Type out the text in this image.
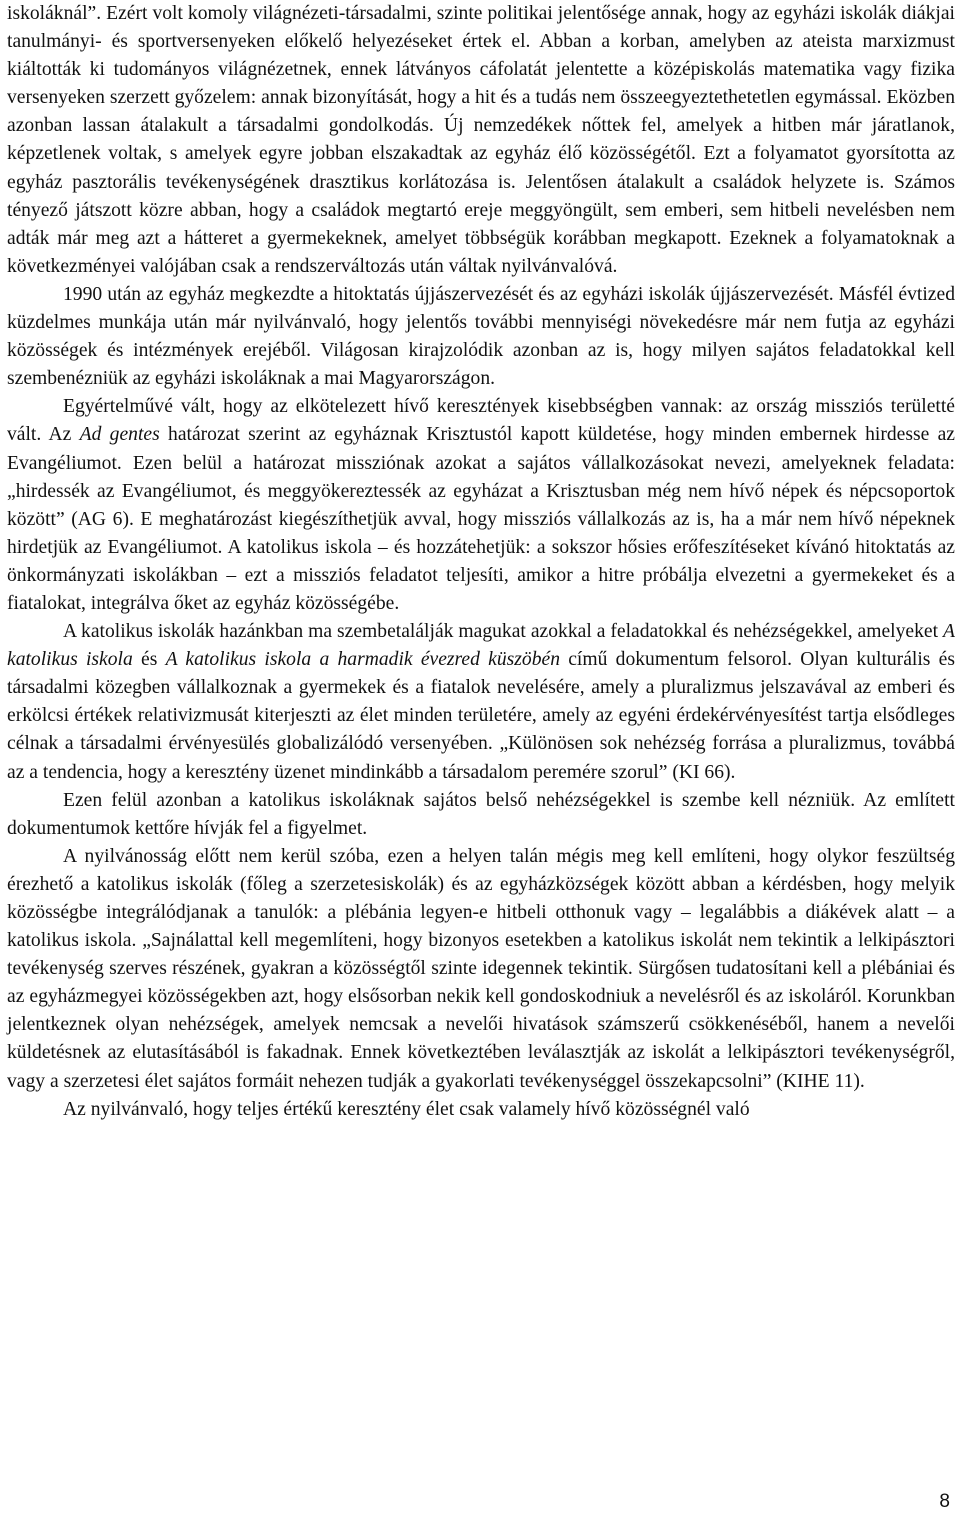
iskoláknál”. Ezért volt komoly világnézeti-társadalmi, szinte politikai jelentősége annak, hogy az egyházi iskolák diákjai tanulmányi- és sportversenyeken előkelő helyezéseket értek el. Abban a korban, amelyben az ateista marxizmust kiáltották ki tudományos világnézetnek, ennek látványos cáfolatát jelentette a középiskolás matematika vagy fizika versenyeken szerzett győzelem: annak bizonyítását, hogy a hit és a tudás nem összeegyeztethetetlen egymással. Eközben azonban lassan átalakult a társadalmi gondolkodás. Új nemzedékek nőttek fel, amelyek a hitben már járatlanok, képzetlenek voltak, s amelyek egyre jobban elszakadtak az egyház élő közösségétől. Ezt a folyamatot gyorsította az egyház pasztorális tevékenységének drasztikus korlátozása is. Jelentősen átalakult a családok helyzete is. Számos tényező játszott közre abban, hogy a családok megtartó ereje meggyöngült, sem emberi, sem hitbeli nevelésben nem adták már meg azt a hátteret a gyermekeknek, amelyet többségük korábban megkapott. Ezeknek a folyamatoknak a következményei valójában csak a rendszerváltozás után váltak nyilvánvalóvá.

1990 után az egyház megkezdte a hitoktatás újjászervezését és az egyházi iskolák újjászervezését. Másfél évtized küzdelmes munkája után már nyilvánvaló, hogy jelentős további mennyiségi növekedésre már nem futja az egyházi közösségek és intézmények erejéből. Világosan kirajzolódik azonban az is, hogy milyen sajátos feladatokkal kell szembenézniük az egyházi iskoláknak a mai Magyarországon.

Egyértelművé vált, hogy az elkötelezett hívő keresztények kisebbségben vannak: az ország missziós területté vált. Az Ad gentes határozat szerint az egyháznak Krisztustól kapott küldetése, hogy minden embernek hirdesse az Evangéliumot. Ezen belül a határozat missziónak azokat a sajátos vállalkozásokat nevezi, amelyeknek feladata: „hirdessék az Evangéliumot, és meggyökereztessék az egyházat a Krisztusban még nem hívő népek és népcsoportok között” (AG 6). E meghatározást kiegészíthetjük avval, hogy missziós vállalkozás az is, ha a már nem hívő népeknek hirdetjük az Evangéliumot. A katolikus iskola – és hozzátehetjük: a sokszor hősies erőfeszítéseket kívánó hitoktatás az önkormányzati iskolákban – ezt a missziós feladatot teljesíti, amikor a hitre próbálja elvezetni a gyermekeket és a fiatalokat, integrálva őket az egyház közösségébe.

A katolikus iskolák hazánkban ma szembetalálják magukat azokkal a feladatokkal és nehézségekkel, amelyeket A katolikus iskola és A katolikus iskola a harmadik évezred küszöbén című dokumentum felsorol. Olyan kulturális és társadalmi közegben vállalkoznak a gyermekek és a fiatalok nevelésére, amely a pluralizmus jelszavával az emberi és erkölcsi értékek relativizmusát kiterjeszti az élet minden területére, amely az egyéni érdekérvényesítést tartja elsődleges célnak a társadalmi érvényesülés globalizálódó versenyében. „Különösen sok nehézség forrása a pluralizmus, továbbá az a tendencia, hogy a keresztény üzenet mindinkább a társadalom peremére szorul” (KI 66).

Ezen felül azonban a katolikus iskoláknak sajátos belső nehézségekkel is szembe kell nézniük. Az említett dokumentumok kettőre hívják fel a figyelmet.

A nyilvánosság előtt nem kerül szóba, ezen a helyen talán mégis meg kell említeni, hogy olykor feszültség érezhető a katolikus iskolák (főleg a szerzetesiskolák) és az egyházközségek között abban a kérdésben, hogy melyik közösségbe integrálódjanak a tanulók: a plébánia legyen-e hitbeli otthonuk vagy – legalábbis a diákévek alatt – a katolikus iskola. „Sajnálattal kell megemlíteni, hogy bizonyos esetekben a katolikus iskolát nem tekintik a lelkipásztori tevékenység szerves részének, gyakran a közösségtől szinte idegennek tekintik. Sürgősen tudatosítani kell a plébániai és az egyházmegyei közösségekben azt, hogy elsősorban nekik kell gondoskodniuk a nevelésről és az iskoláról. Korunkban jelentkeznek olyan nehézségek, amelyek nemcsak a nevelői hivatások számszerű csökkenéséből, hanem a nevelői küldetésnek az elutasításából is fakadnak. Ennek következtében leválasztják az iskolát a lelkipásztori tevékenységről, vagy a szerzetesi élet sajátos formáit nehezen tudják a gyakorlati tevékenységgel összekapcsolni” (KIHE 11).

Az nyilvánvaló, hogy teljes értékű keresztény élet csak valamely hívő közösségnél való

8
